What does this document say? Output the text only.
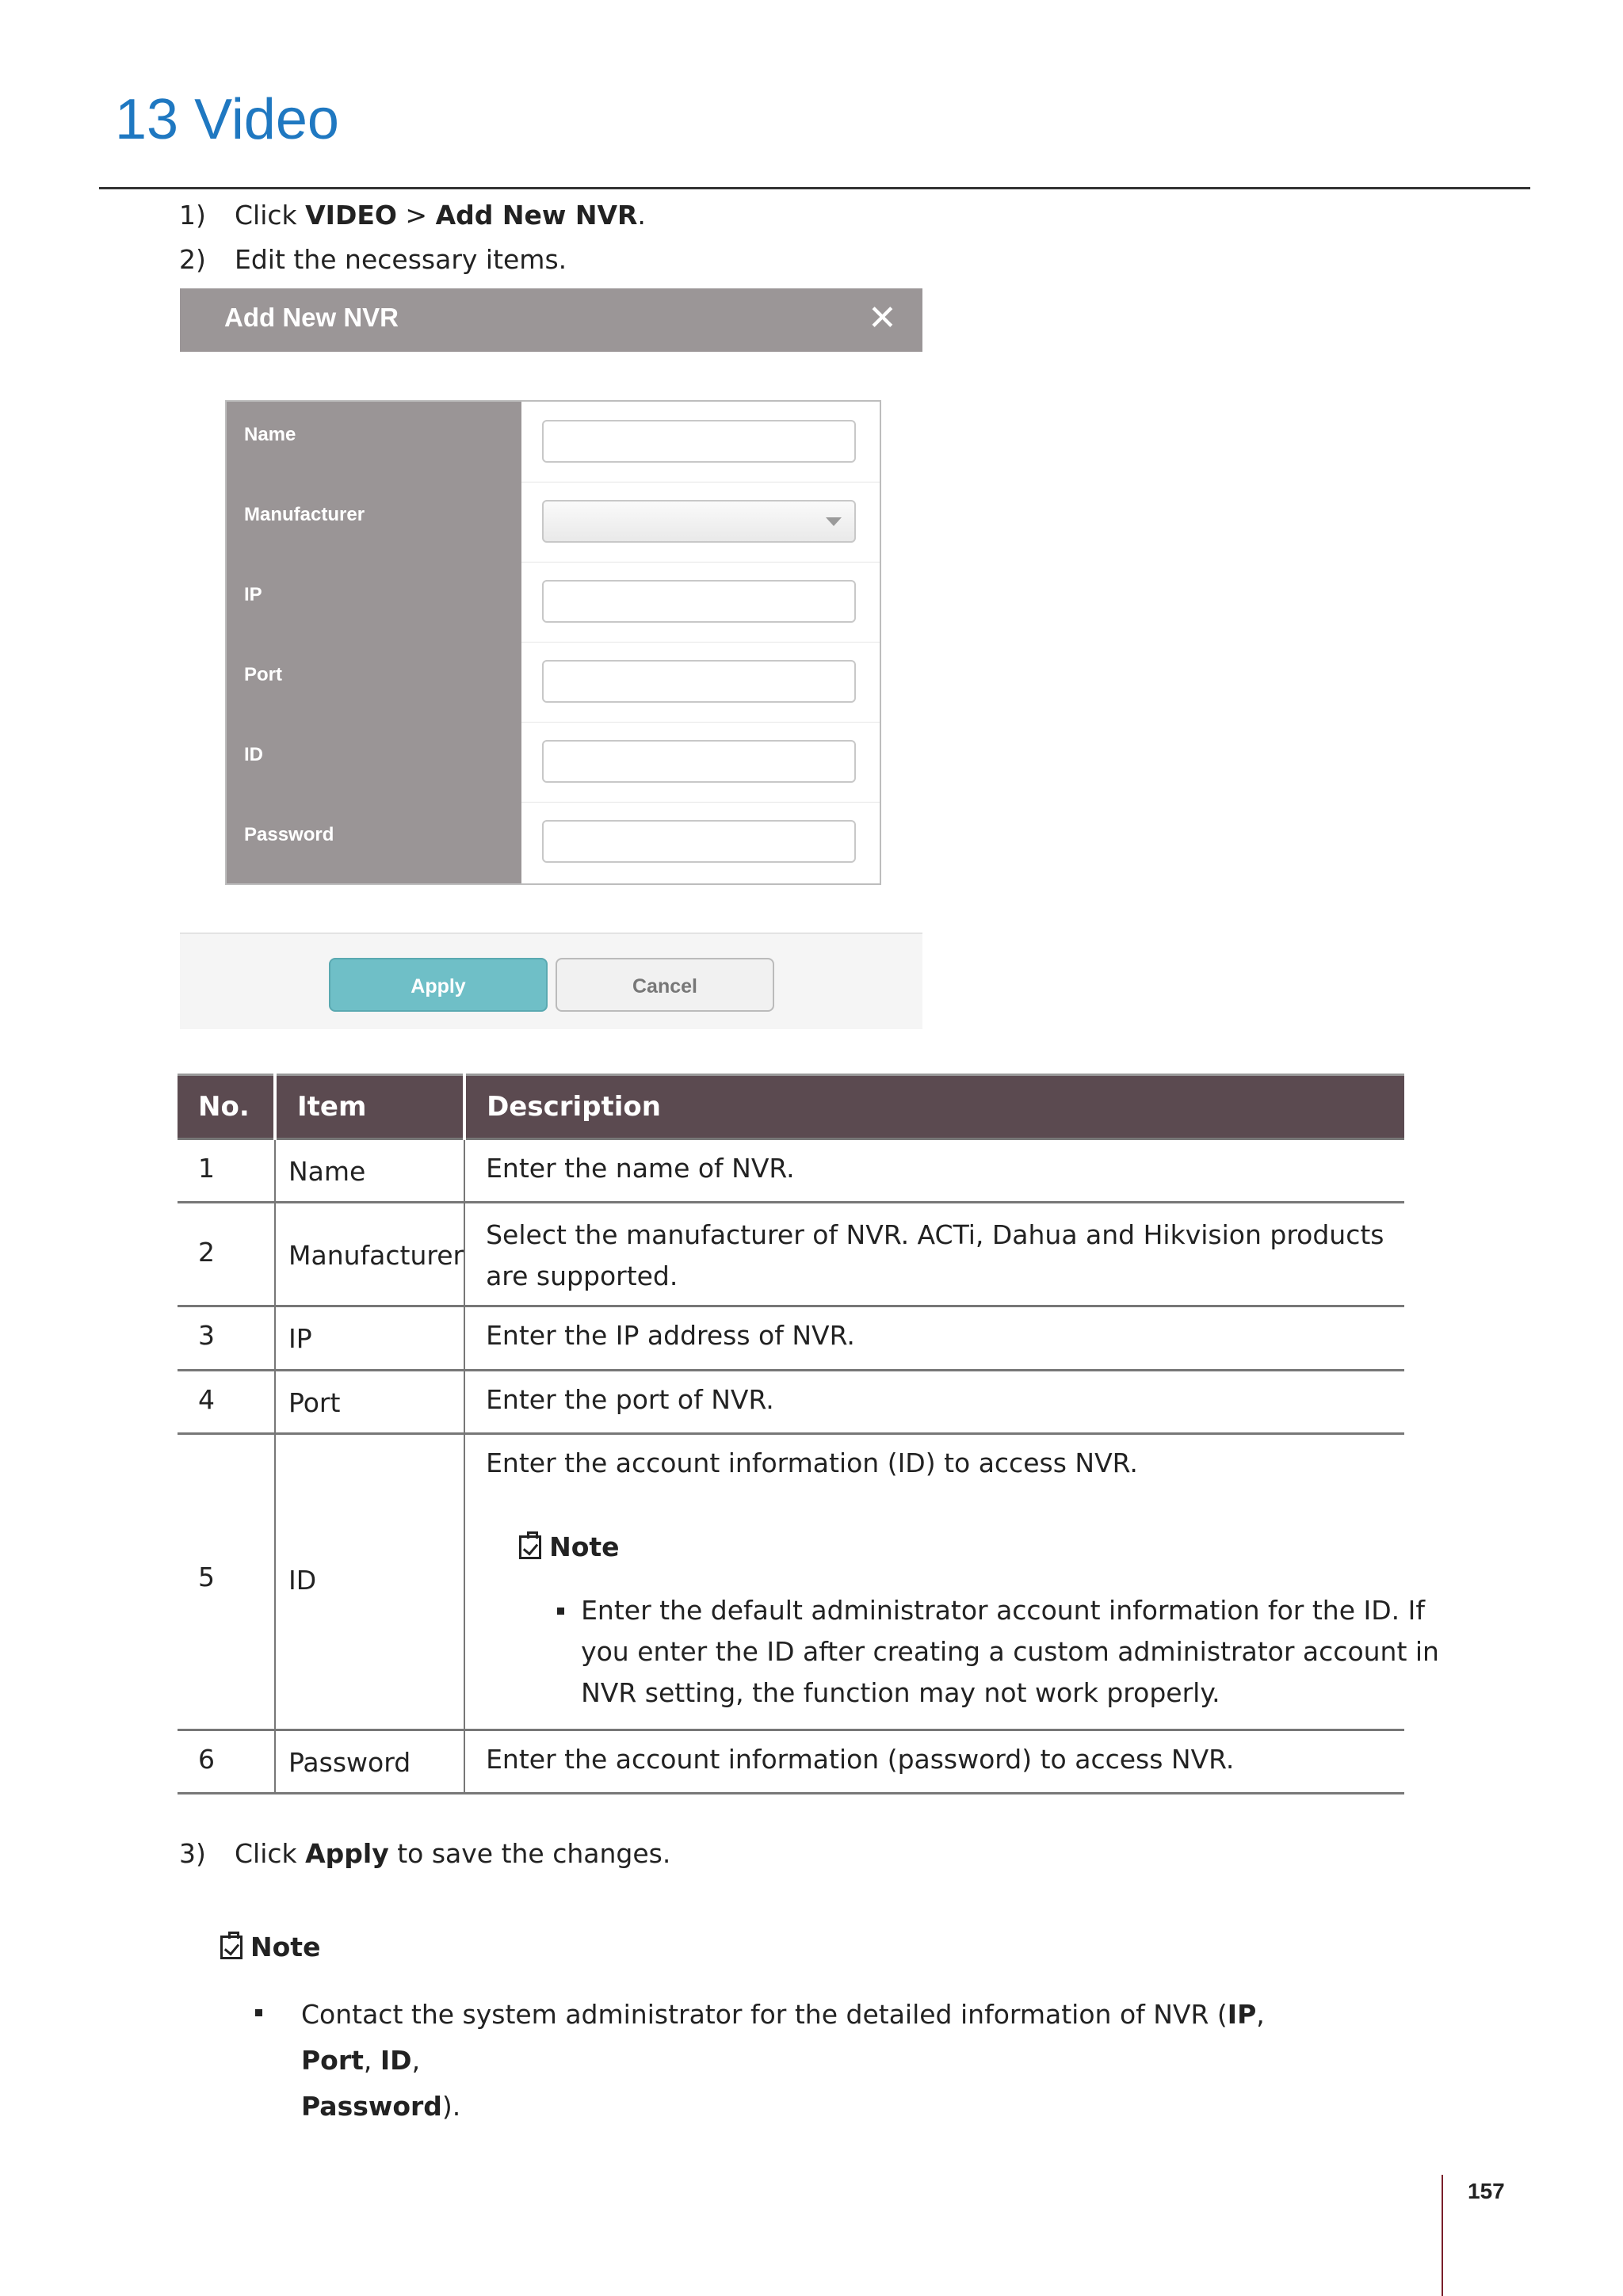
13 Video
1) Click VIDEO > Add New NVR.
2) Edit the necessary items.
Add New NVR	✕
Name
Manufacturer
IP
Port
ID
Password
Apply	Cancel
No.	Item	Description

1	Name	Enter the name of NVR.

2	Manufacturer	Select the manufacturer of NVR. ACTi, Dahua and Hikvision products are supported.

3	IP	Enter the IP address of NVR.

4	Port	Enter the port of NVR.

5	ID	Enter the account information (ID) to access NVR.
Note
Enter the default administrator account information for the ID. If you enter the ID after creating a custom administrator account in NVR setting, the function may not work properly.

6	Password	Enter the account information (password) to access NVR.
3) Click Apply to save the changes.
Note
Contact the system administrator for the detailed information of NVR (IP, Port, ID,
Password).
157
